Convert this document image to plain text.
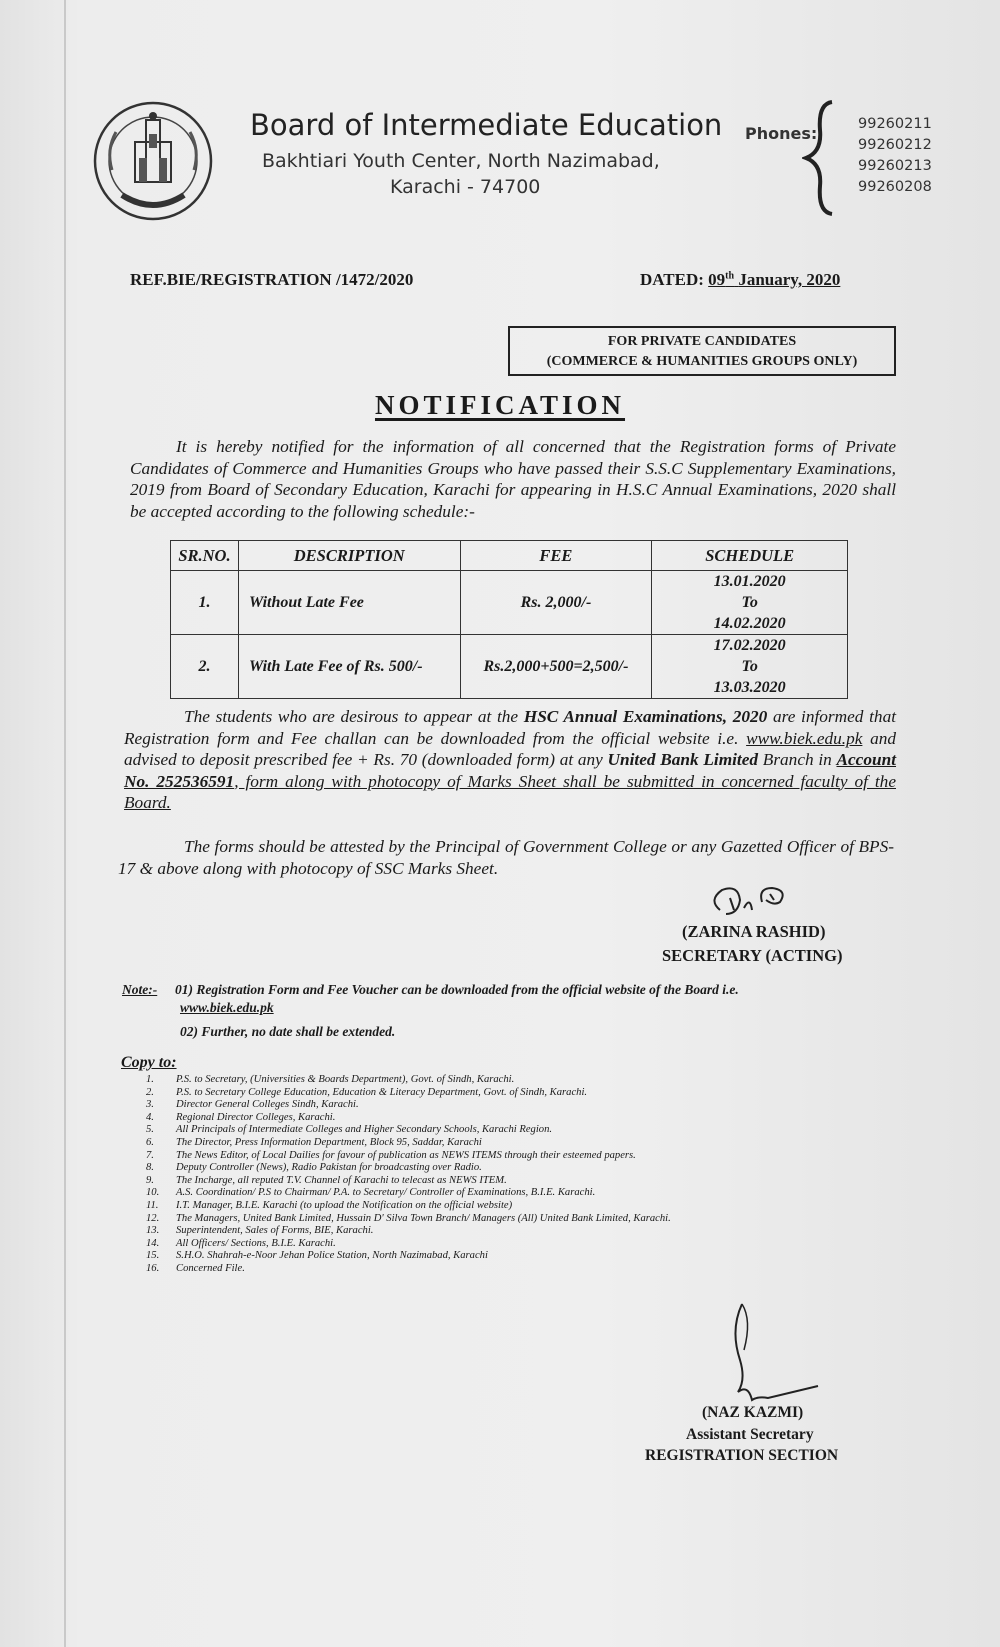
Board of Intermediate Education
Bakhtiari Youth Center, North Nazimabad,
Karachi - 74700
Phones:	99260211
99260212
99260213
99260208
REF.BIE/REGISTRATION /1472/2020	DATED: 09th January, 2020
FOR PRIVATE CANDIDATES
(COMMERCE & HUMANITIES GROUPS ONLY)
NOTIFICATION
It is hereby notified for the information of all concerned that the Registration forms of Private Candidates of Commerce and Humanities Groups who have passed their S.S.C Supplementary Examinations, 2019 from Board of Secondary Education, Karachi for appearing in H.S.C Annual Examinations, 2020 shall be accepted according to the following schedule:-
SR.NO.	DESCRIPTION	FEE	SCHEDULE
1.	Without Late Fee	Rs. 2,000/-	13.01.2020
To
14.02.2020

2.	With Late Fee of Rs. 500/-	Rs.2,000+500=2,500/-	17.02.2020
To
13.03.2020
The students who are desirous to appear at the HSC Annual Examinations, 2020 are informed that Registration form and Fee challan can be downloaded from the official website i.e. www.biek.edu.pk and advised to deposit prescribed fee + Rs. 70 (downloaded form) at any United Bank Limited Branch in Account No. 252536591, form along with photocopy of Marks Sheet shall be submitted in concerned faculty of the Board.
The forms should be attested by the Principal of Government College or any Gazetted Officer of BPS-17 & above along with photocopy of SSC Marks Sheet.
(ZARINA RASHID)
SECRETARY (ACTING)
Note:- 01) Registration Form and Fee Voucher can be downloaded from the official website of the Board i.e.
www.biek.edu.pk
02) Further, no date shall be extended.
Copy to:
1. P.S. to Secretary, (Universities & Boards Department), Govt. of Sindh, Karachi.
2. P.S. to Secretary College Education, Education & Literacy Department, Govt. of Sindh, Karachi.
3. Director General Colleges Sindh, Karachi.
4. Regional Director Colleges, Karachi.
5. All Principals of Intermediate Colleges and Higher Secondary Schools, Karachi Region.
6. The Director, Press Information Department, Block 95, Saddar, Karachi
7. The News Editor, of Local Dailies for favour of publication as NEWS ITEMS through their esteemed papers.
8. Deputy Controller (News), Radio Pakistan for broadcasting over Radio.
9. The Incharge, all reputed T.V. Channel of Karachi to telecast as NEWS ITEM.
10. A.S. Coordination/ P.S to Chairman/ P.A. to Secretary/ Controller of Examinations, B.I.E. Karachi.
11. I.T. Manager, B.I.E. Karachi (to upload the Notification on the official website)
12. The Managers, United Bank Limited, Hussain D' Silva Town Branch/ Managers (All) United Bank Limited, Karachi.
13. Superintendent, Sales of Forms, BIE, Karachi.
14. All Officers/ Sections, B.I.E. Karachi.
15. S.H.O. Shahrah-e-Noor Jehan Police Station, North Nazimabad, Karachi
16. Concerned File.
(NAZ KAZMI)
Assistant Secretary
REGISTRATION SECTION
